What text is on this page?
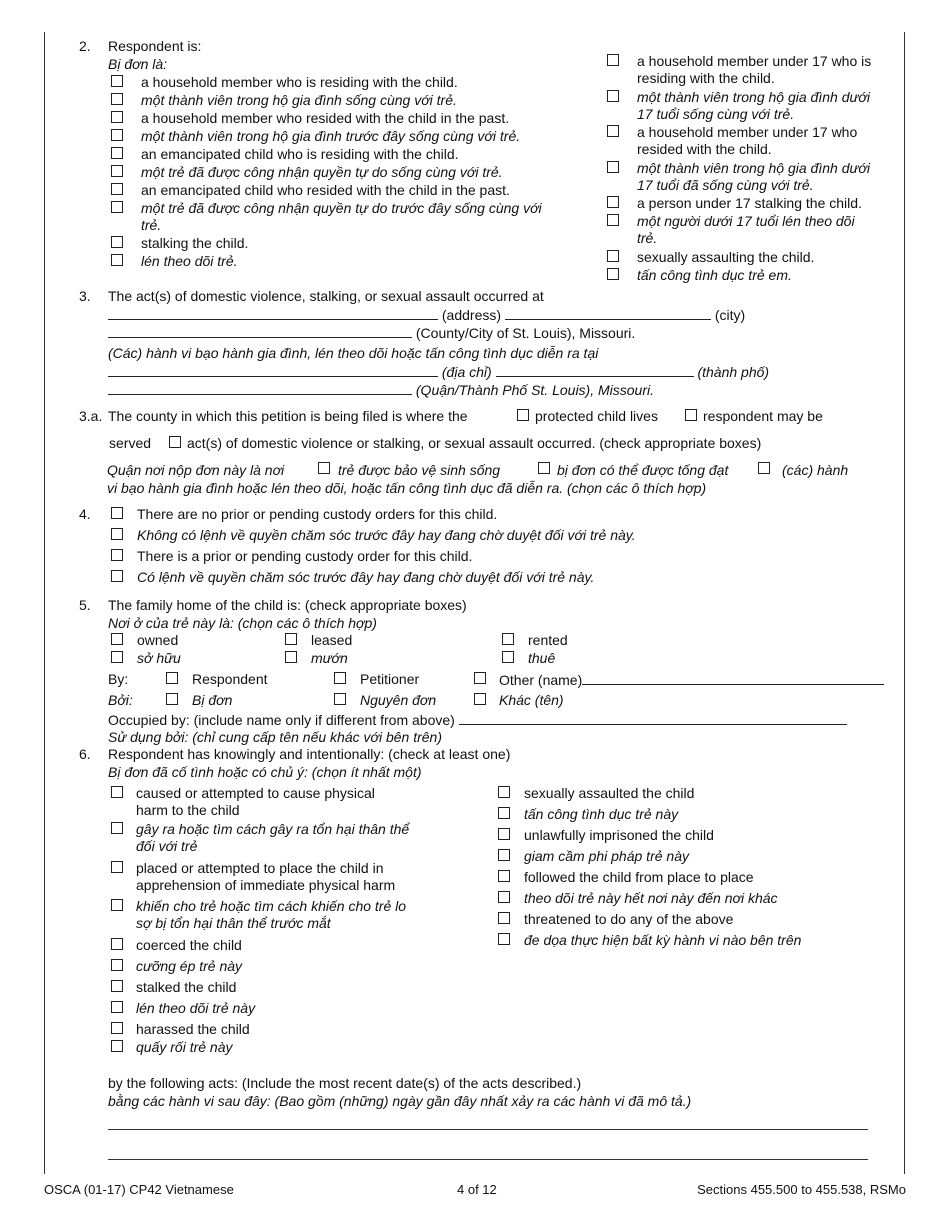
2. Respondent is:
Bị đơn là:
a household member who is residing with the child.
một thành viên trong hộ gia đình sống cùng với trẻ.
a household member who resided with the child in the past.
một thành viên trong hộ gia đình trước đây sống cùng với trẻ.
an emancipated child who is residing with the child.
một trẻ đã được công nhận quyền tự do sống cùng với trẻ.
an emancipated child who resided with the child in the past.
một trẻ đã được công nhận quyền tự do trước đây sống cùng với
trẻ.
stalking the child.
lén theo dõi trẻ.
a household member under 17 who is
residing with the child.
một thành viên trong hộ gia đình dưới
17 tuổi sống cùng với trẻ.
a household member under 17 who
resided with the child.
một thành viên trong hộ gia đình dưới
17 tuổi đã sống cùng với trẻ.
a person under 17 stalking the child.
một người dưới 17 tuổi lén theo dõi
trẻ.
sexually assaulting the child.
tấn công tình dục trẻ em.
3. The act(s) of domestic violence, stalking, or sexual assault occurred at
(address)	(city)
(County/City of St. Louis), Missouri.
(Các) hành vi bạo hành gia đình, lén theo dõi hoặc tấn công tình dục diễn ra tại
(địa chỉ)	(thành phố)
(Quận/Thành Phố St. Louis), Missouri.
3.a. The county in which this petition is being filed is where the	protected child lives	respondent may be
served	act(s) of domestic violence or stalking, or sexual assault occurred. (check appropriate boxes)
Quận nơi nộp đơn này là nơi	trẻ được bảo vệ sinh sống	bị đơn có thể được tống đạt	(các) hành
vi bạo hành gia đình hoặc lén theo dõi, hoặc tấn công tình dục đã diễn ra. (chọn các ô thích hợp)
4.	There are no prior or pending custody orders for this child.
Không có lệnh về quyền chăm sóc trước đây hay đang chờ duyệt đối với trẻ này.
There is a prior or pending custody order for this child.
Có lệnh về quyền chăm sóc trước đây hay đang chờ duyệt đối với trẻ này.
5. The family home of the child is: (check appropriate boxes)
Nơi ở của trẻ này là: (chọn các ô thích hợp)
owned	leased	rented
sở hữu	mướn	thuê
By:	Respondent	Petitioner	Other (name)
Bởi:	Bị đơn	Nguyên đơn	Khác (tên)
Occupied by: (include name only if different from above)
Sử dụng bởi: (chỉ cung cấp tên nếu khác với bên trên)
6. Respondent has knowingly and intentionally: (check at least one)
Bị đơn đã cố tình hoặc có chủ ý: (chọn ít nhất một)
caused or attempted to cause physical
harm to the child
gây ra hoặc tìm cách gây ra tổn hại thân thể
đối với trẻ
placed or attempted to place the child in
apprehension of immediate physical harm
khiến cho trẻ hoặc tìm cách khiến cho trẻ lo
sợ bị tổn hại thân thể trước mắt
coerced the child
cưỡng ép trẻ này
stalked the child
lén theo dõi trẻ này
harassed the child
quấy rối trẻ này
sexually assaulted the child
tấn công tình dục trẻ này
unlawfully imprisoned the child
giam cầm phi pháp trẻ này
followed the child from place to place
theo dõi trẻ này hết nơi này đến nơi khác
threatened to do any of the above
đe dọa thực hiện bất kỳ hành vi nào bên trên
by the following acts: (Include the most recent date(s) of the acts described.)
bằng các hành vi sau đây: (Bao gồm (những) ngày gần đây nhất xảy ra các hành vi đã mô tả.)
OSCA (01-17) CP42 Vietnamese	4 of 12	Sections 455.500 to 455.538, RSMo
